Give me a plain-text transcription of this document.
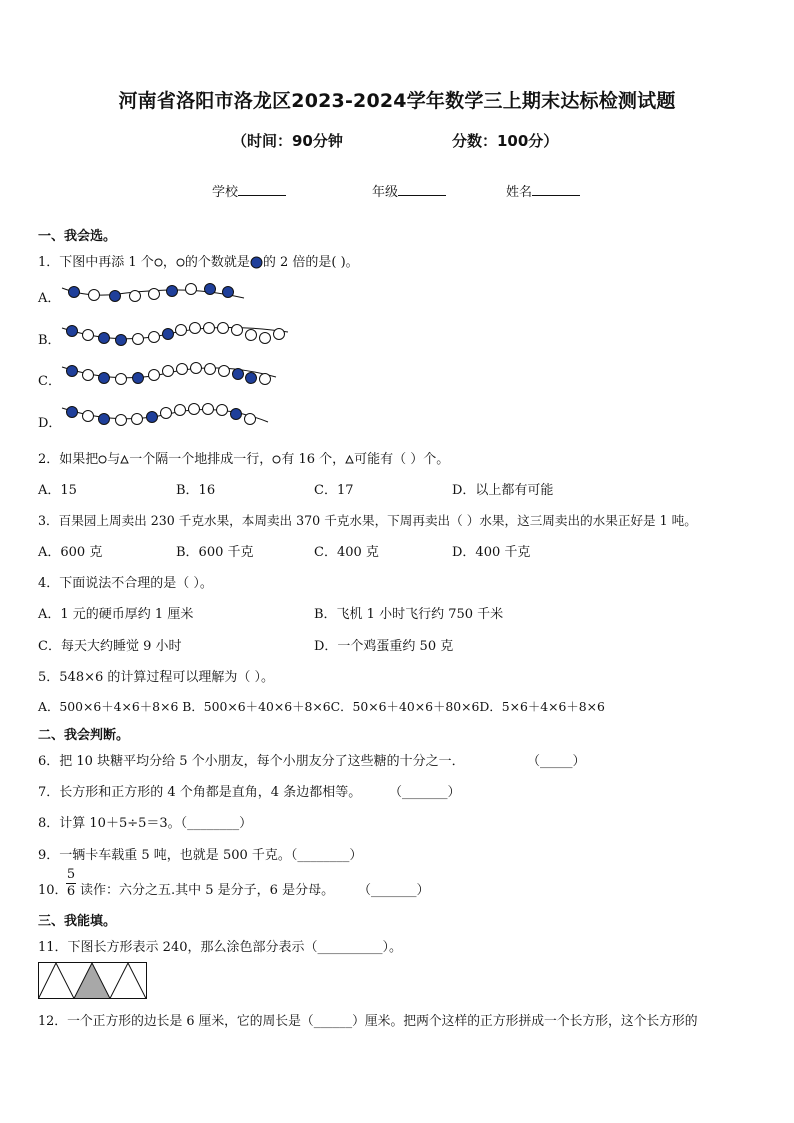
河南省洛阳市洛龙区2023-2024学年数学三上期末达标检测试题
（时间：90分钟	分数：100分）
学校	年级	姓名
一、我会选。
1．下图中再添 1 个 ， 的个数就是 的 2 倍的是( )。
A．
B．
C．
D．
2．如果把 与 一个隔一个地排成一行， 有 16 个， 可能有（ ）个。
A．15	B．16	C．17	D．以上都有可能
3．百果园上周卖出 230 千克水果，本周卖出 370 千克水果，下周再卖出（ ）水果，这三周卖出的水果正好是 1 吨。
A．600 克	B．600 千克	C．400 克	D．400 千克
4．下面说法不合理的是（ ）。
A．1 元的硬币厚约 1 厘米	B．飞机 1 小时飞行约 750 千米
C．每天大约睡觉 9 小时	D．一个鸡蛋重约 50 克
5．548×6 的计算过程可以理解为（ ）。
A．500×6＋4×6＋8×6 B．500×6＋40×6＋8×6C．50×6＋40×6＋80×6D．5×6＋4×6＋8×6
二、我会判断。
6．把 10 块糖平均分给 5 个小朋友，每个小朋友分了这些糖的十分之一．	（_____）
7．长方形和正方形的 4 个角都是直角，4 条边都相等。 （_______）
8．计算 10＋5÷5＝3。（________）
9．一辆卡车载重 5 吨，也就是 500 千克。（________）
10．
5
6 读作：六分之五.其中 5 是分子，6 是分母。 （_______）
三、我能填。
11．下图长方形表示 240，那么涂色部分表示（__________）。
12．一个正方形的边长是 6 厘米，它的周长是（______）厘米。把两个这样的正方形拼成一个长方形，这个长方形的
